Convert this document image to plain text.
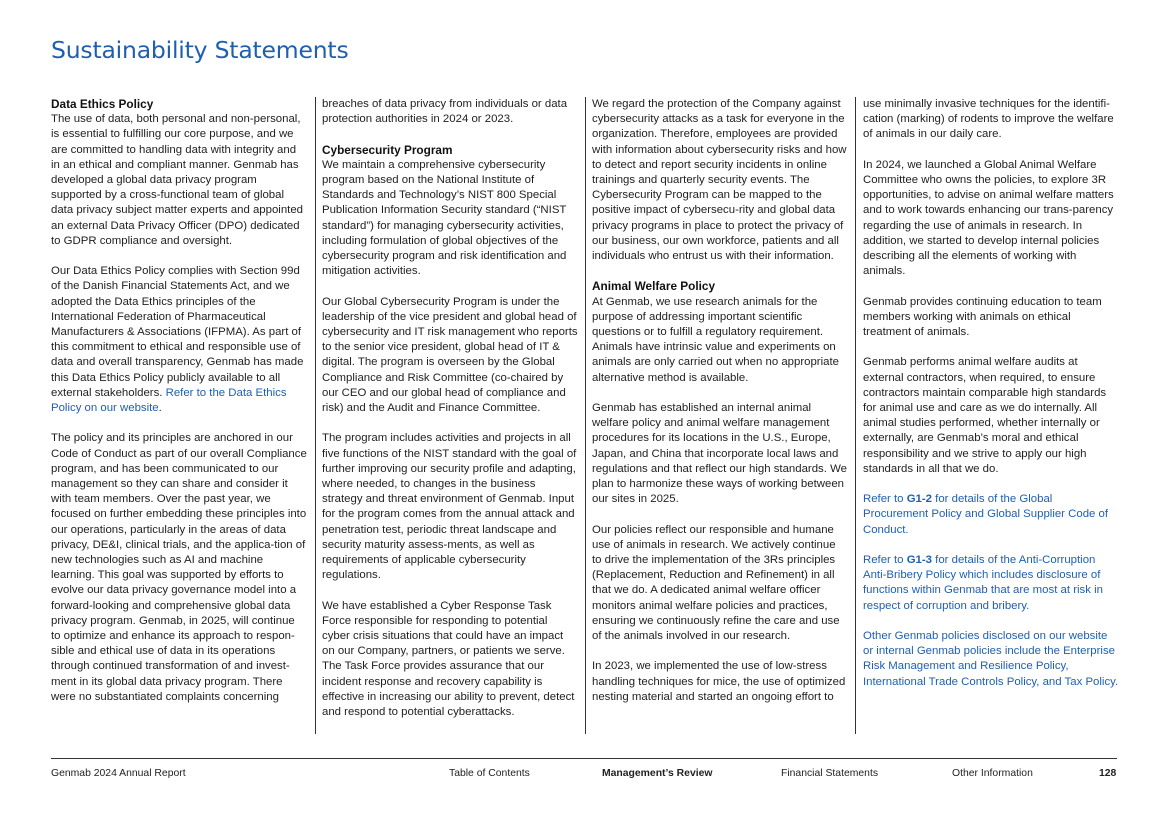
Sustainability Statements
Data Ethics Policy

The use of data, both personal and non-personal, is essential to fulfilling our core purpose, and we are committed to handling data with integrity and in an ethical and compliant manner. Genmab has developed a global data privacy program supported by a cross-functional team of global data privacy subject matter experts and appointed an external Data Privacy Officer (DPO) dedicated to GDPR compliance and oversight.

Our Data Ethics Policy complies with Section 99d of the Danish Financial Statements Act, and we adopted the Data Ethics principles of the International Federation of Pharmaceutical Manufacturers & Associations (IFPMA). As part of this commitment to ethical and responsible use of data and overall transparency, Genmab has made this Data Ethics Policy publicly available to all external stakeholders. Refer to the Data Ethics Policy on our website.

The policy and its principles are anchored in our Code of Conduct as part of our overall Compliance program, and has been communicated to our management so they can share and consider it with team members. Over the past year, we focused on further embedding these principles into our operations, particularly in the areas of data privacy, DE&I, clinical trials, and the applica-tion of new technologies such as AI and machine learning. This goal was supported by efforts to evolve our data privacy governance model into a forward-looking and comprehensive global data privacy program. Genmab, in 2025, will continue to optimize and enhance its approach to respon-sible and ethical use of data in its operations through continued transformation of and invest-ment in its global data privacy program. There were no substantiated complaints concerning

breaches of data privacy from individuals or data protection authorities in 2024 or 2023.

Cybersecurity Program

We maintain a comprehensive cybersecurity program based on the National Institute of Standards and Technology’s NIST 800 Special Publication Information Security standard (“NIST standard”) for managing cybersecurity activities, including formulation of global objectives of the cybersecurity program and risk identification and mitigation activities.

Our Global Cybersecurity Program is under the leadership of the vice president and global head of cybersecurity and IT risk management who reports to the senior vice president, global head of IT & digital. The program is overseen by the Global Compliance and Risk Committee (co-chaired by our CEO and our global head of compliance and risk) and the Audit and Finance Committee.

The program includes activities and projects in all five functions of the NIST standard with the goal of further improving our security profile and adapting, where needed, to changes in the business strategy and threat environment of Genmab. Input for the program comes from the annual attack and penetration test, periodic threat landscape and security maturity assess-ments, as well as requirements of applicable cybersecurity regulations.

We have established a Cyber Response Task Force responsible for responding to potential cyber crisis situations that could have an impact on our Company, partners, or patients we serve. The Task Force provides assurance that our incident response and recovery capability is effective in increasing our ability to prevent, detect and respond to potential cyberattacks.

We regard the protection of the Company against cybersecurity attacks as a task for everyone in the organization. Therefore, employees are provided with information about cybersecurity risks and how to detect and report security incidents in online trainings and quarterly security events. The Cybersecurity Program can be mapped to the positive impact of cybersecu-rity and global data privacy programs in place to protect the privacy of our business, our own workforce, patients and all individuals who entrust us with their information.

Animal Welfare Policy

At Genmab, we use research animals for the purpose of addressing important scientific questions or to fulfill a regulatory requirement. Animals have intrinsic value and experiments on animals are only carried out when no appropriate alternative method is available.

Genmab has established an internal animal welfare policy and animal welfare management procedures for its locations in the U.S., Europe, Japan, and China that incorporate local laws and regulations and that reflect our high standards. We plan to harmonize these ways of working between our sites in 2025.

Our policies reflect our responsible and humane use of animals in research. We actively continue to drive the implementation of the 3Rs principles (Replacement, Reduction and Refinement) in all that we do. A dedicated animal welfare officer monitors animal welfare policies and practices, ensuring we continuously refine the care and use of the animals involved in our research.

In 2023, we implemented the use of low-stress handling techniques for mice, the use of optimized nesting material and started an ongoing effort to

use minimally invasive techniques for the identifi-cation (marking) of rodents to improve the welfare of animals in our daily care.

In 2024, we launched a Global Animal Welfare Committee who owns the policies, to explore 3R opportunities, to advise on animal welfare matters and to work towards enhancing our trans-parency regarding the use of animals in research. In addition, we started to develop internal policies describing all the elements of working with animals.

Genmab provides continuing education to team members working with animals on ethical treatment of animals.

Genmab performs animal welfare audits at external contractors, when required, to ensure contractors maintain comparable high standards for animal use and care as we do internally. All animal studies performed, whether internally or externally, are Genmab’s moral and ethical responsibility and we strive to apply our high standards in all that we do.

Refer to G1-2 for details of the Global Procurement Policy and Global Supplier Code of Conduct.

Refer to G1-3 for details of the Anti-Corruption Anti-Bribery Policy which includes disclosure of functions within Genmab that are most at risk in respect of corruption and bribery.

Other Genmab policies disclosed on our website or internal Genmab policies include the Enterprise Risk Management and Resilience Policy, International Trade Controls Policy, and Tax Policy.

Genmab 2024 Annual Report	Table of Contents	Management’s Review	Financial Statements	Other Information	128
